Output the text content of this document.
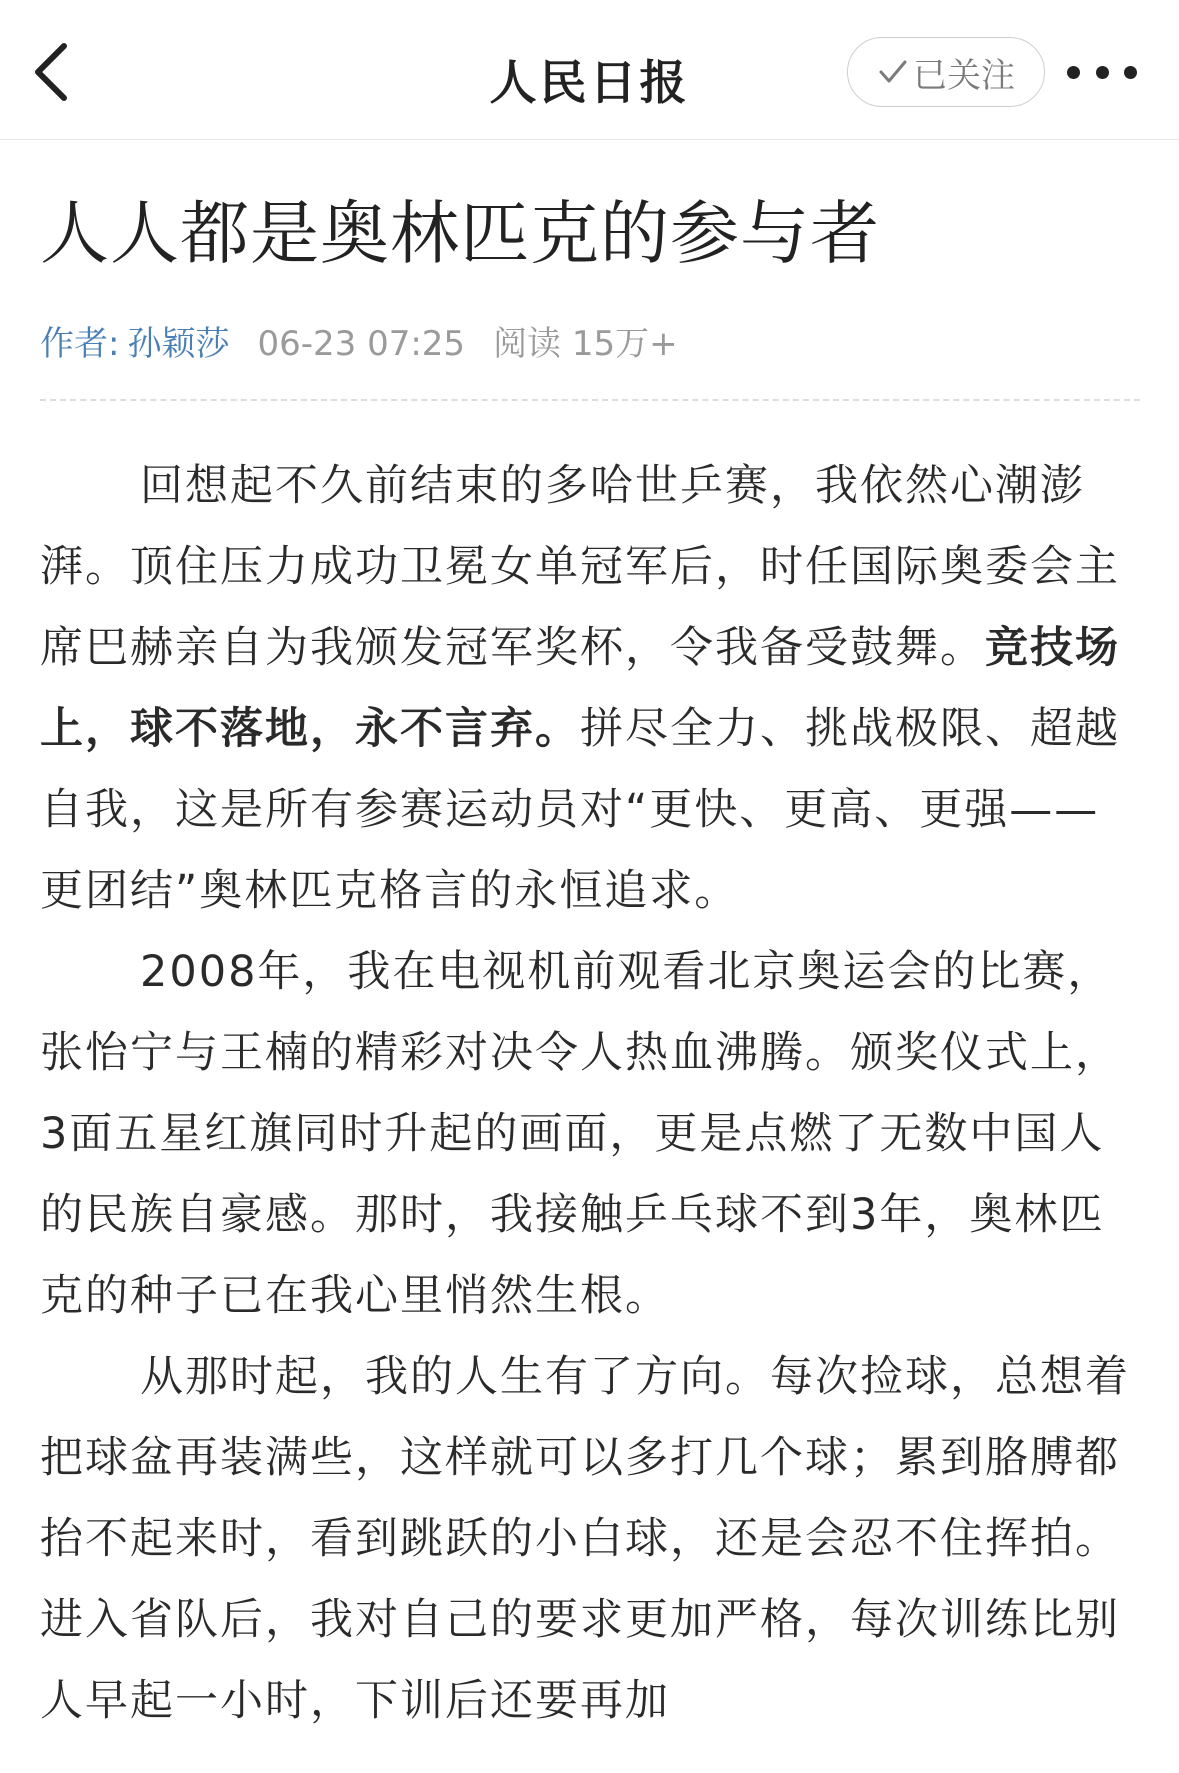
人民日报	已关注
人人都是奥林匹克的参与者
作者: 孙颖莎 06-23 07:25 阅读 15万+

回想起不久前结束的多哈世乒赛，我依然心潮澎湃。顶住压力成功卫冕女单冠军后，时任国际奥委会主席巴赫亲自为我颁发冠军奖杯，令我备受鼓舞。竞技场上，球不落地，永不言弃。拼尽全力、挑战极限、超越自我，这是所有参赛运动员对“更快、更高、更强——更团结”奥林匹克格言的永恒追求。

2008年，我在电视机前观看北京奥运会的比赛，张怡宁与王楠的精彩对决令人热血沸腾。颁奖仪式上，3面五星红旗同时升起的画面，更是点燃了无数中国人的民族自豪感。那时，我接触乒乓球不到3年，奥林匹克的种子已在我心里悄然生根。

从那时起，我的人生有了方向。每次捡球，总想着把球盆再装满些，这样就可以多打几个球；累到胳膊都抬不起来时，看到跳跃的小白球，还是会忍不住挥拍。进入省队后，我对自己的要求更加严格，每次训练比别人早起一小时，下训后还要再加
